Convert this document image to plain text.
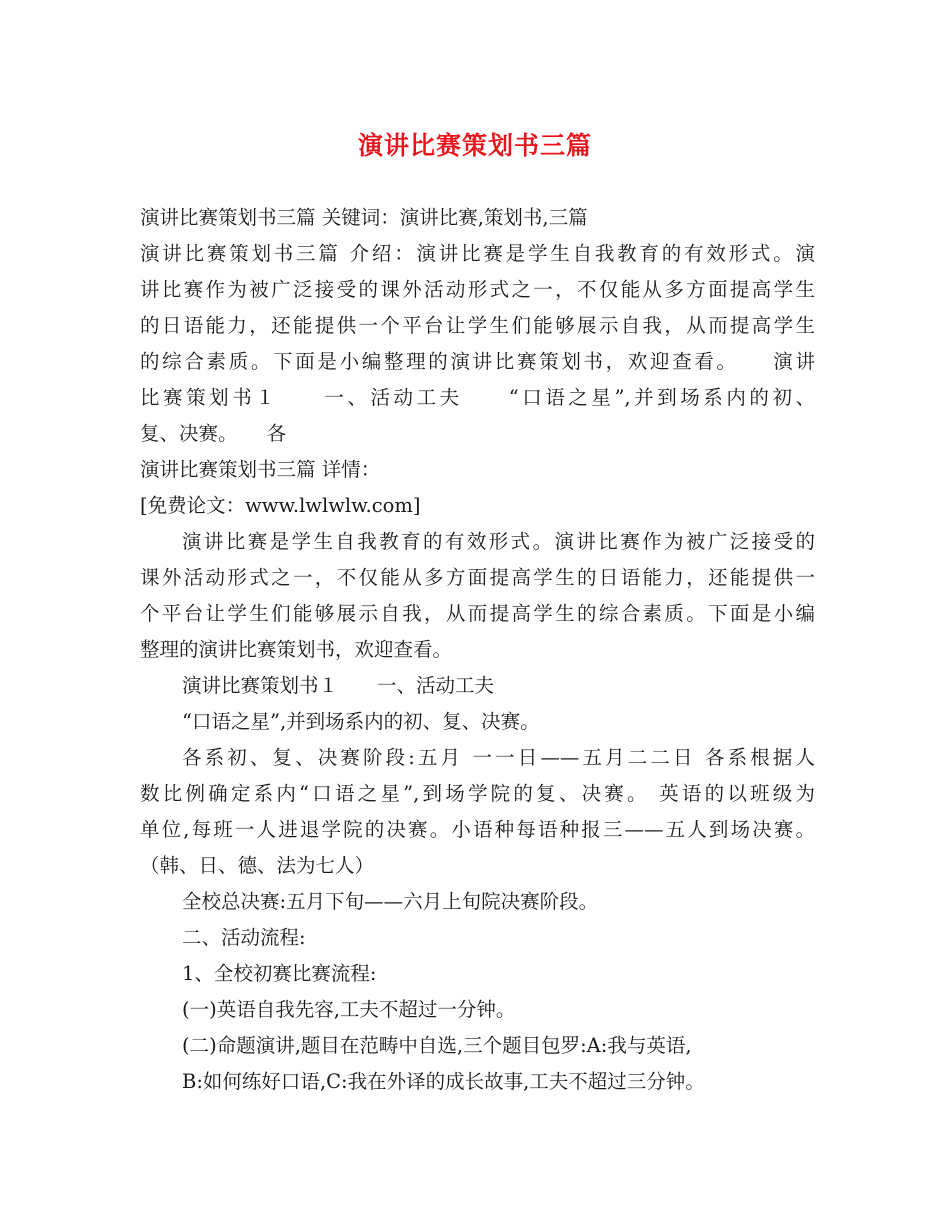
演讲比赛策划书三篇
演讲比赛策划书三篇 关键词：演讲比赛,策划书,三篇
演讲比赛策划书三篇 介绍：演讲比赛是学生自我教育的有效形式。演
讲比赛作为被广泛接受的课外活动形式之一，不仅能从多方面提高学生
的日语能力，还能提供一个平台让学生们能够展示自我，从而提高学生
的综合素质。下面是小编整理的演讲比赛策划书，欢迎查看。　　演讲
比赛策划书１　　一、活动工夫　　“口语之星”,并到场系内的初、
复、决赛。　　各
演讲比赛策划书三篇 详情：
[免费论文：www.lwlwlw.com]
演讲比赛是学生自我教育的有效形式。演讲比赛作为被广泛接受的
课外活动形式之一，不仅能从多方面提高学生的日语能力，还能提供一
个平台让学生们能够展示自我，从而提高学生的综合素质。下面是小编
整理的演讲比赛策划书，欢迎查看。
演讲比赛策划书１　　一、活动工夫
“口语之星”,并到场系内的初、复、决赛。
各系初、复、决赛阶段:五月 一一日——五月二二日 各系根据人
数比例确定系内“口语之星”,到场学院的复、决赛。 英语的以班级为
单位,每班一人进退学院的决赛。小语种每语种报三——五人到场决赛。
（韩、日、德、法为七人）
全校总决赛:五月下旬——六月上旬院决赛阶段。
二、活动流程:
1、全校初赛比赛流程:
(一)英语自我先容,工夫不超过一分钟。
(二)命题演讲,题目在范畴中自选,三个题目包罗:A:我与英语,
B:如何练好口语,C:我在外译的成长故事,工夫不超过三分钟。
